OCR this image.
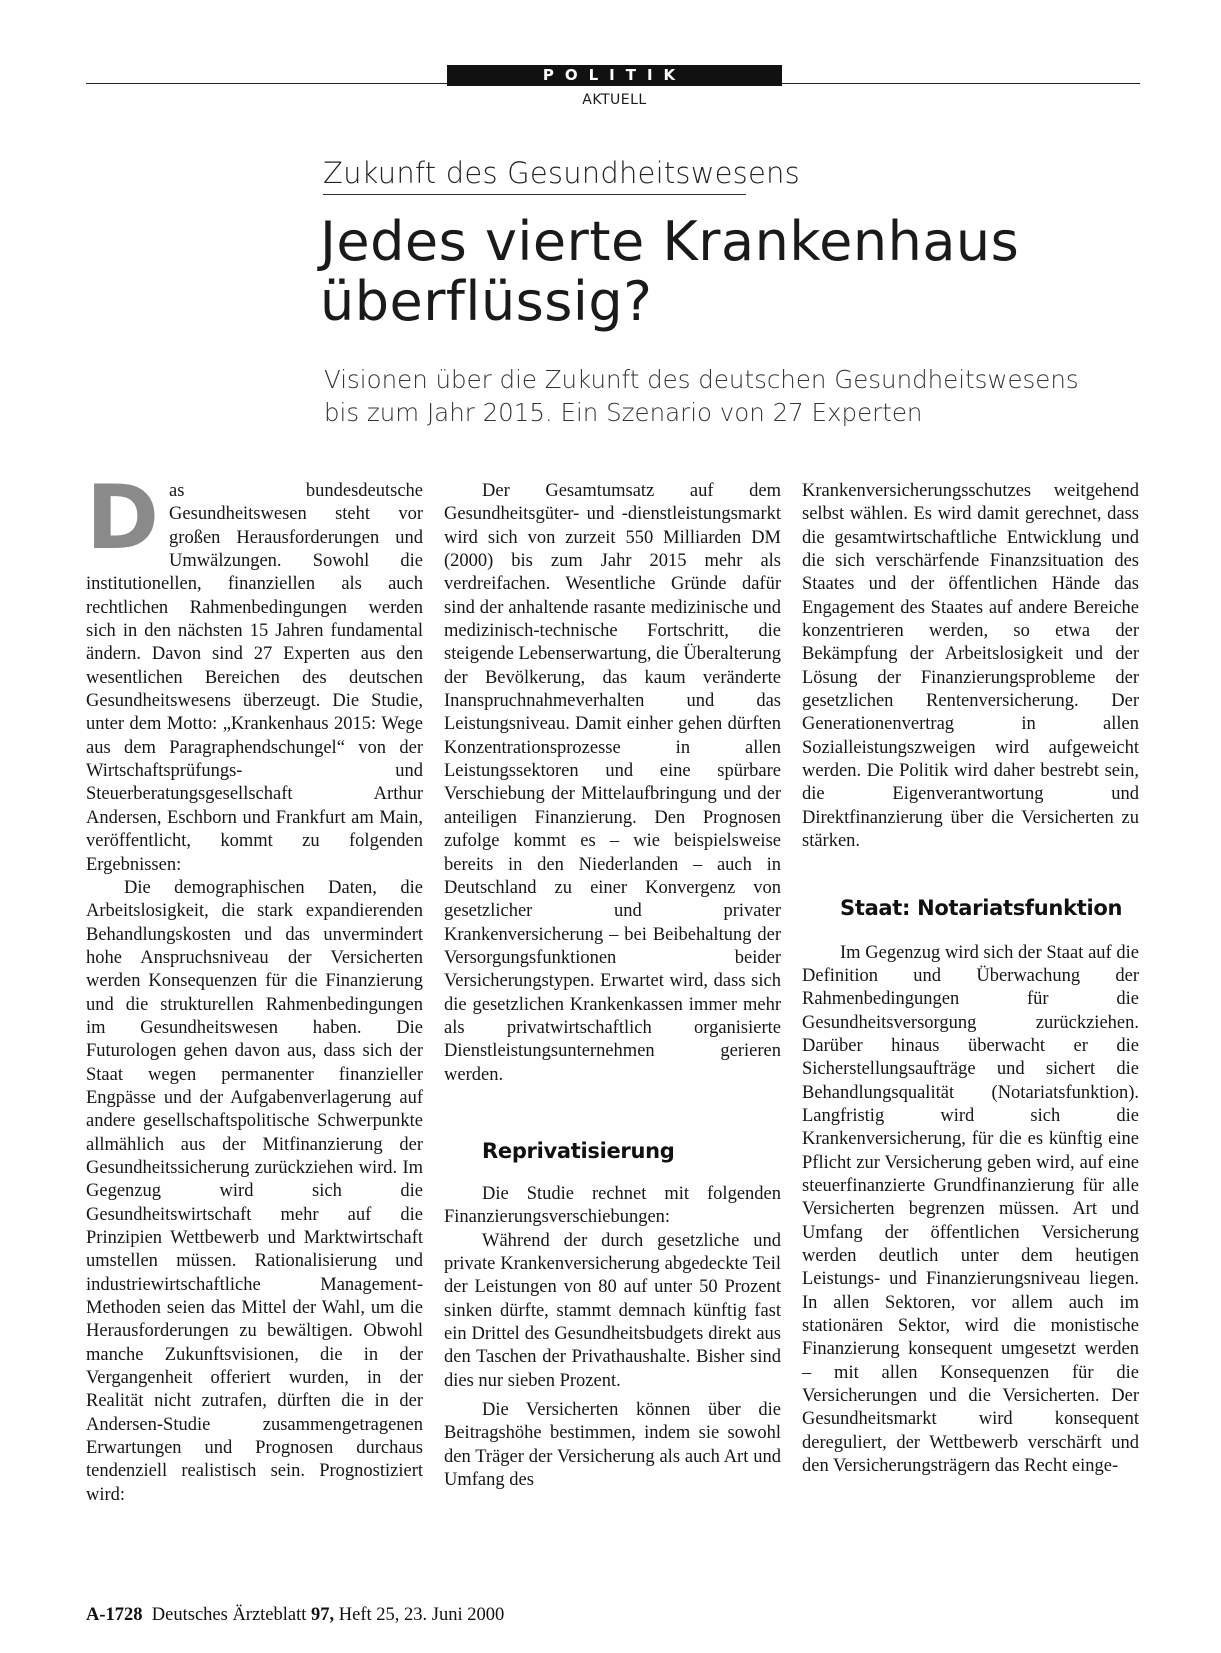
POLITIK
AKTUELL
Zukunft des Gesundheitswesens
Jedes vierte Krankenhaus
überflüssig?
Visionen über die Zukunft des deutschen Gesundheitswesens
bis zum Jahr 2015. Ein Szenario von 27 Experten
D as bundesdeutsche Gesundheitswesen steht vor großen Herausforderungen und Umwälzungen. Sowohl die institutionellen, finanziellen als auch rechtlichen Rahmenbedingungen werden sich in den nächsten 15 Jahren fundamental ändern. Davon sind 27 Experten aus den wesentlichen Bereichen des deutschen Gesundheitswesens überzeugt. Die Studie, unter dem Motto: „Krankenhaus 2015: Wege aus dem Paragraphendschungel“ von der Wirtschaftsprüfungs- und Steuerberatungsgesellschaft Arthur Andersen, Eschborn und Frankfurt am Main, veröffentlicht, kommt zu folgenden Ergebnissen:

Die demographischen Daten, die Arbeitslosigkeit, die stark expandierenden Behandlungskosten und das unvermindert hohe Anspruchsniveau der Versicherten werden Konsequenzen für die Finanzierung und die strukturellen Rahmenbedingungen im Gesundheitswesen haben. Die Futurologen gehen davon aus, dass sich der Staat wegen permanenter finanzieller Engpässe und der Aufgabenverlagerung auf andere gesellschaftspolitische Schwerpunkte allmählich aus der Mitfinanzierung der Gesundheitssicherung zurückziehen wird. Im Gegenzug wird sich die Gesundheitswirtschaft mehr auf die Prinzipien Wettbewerb und Marktwirtschaft umstellen müssen. Rationalisierung und industriewirtschaftliche Management-Methoden seien das Mittel der Wahl, um die Herausforderungen zu bewältigen. Obwohl manche Zukunftsvisionen, die in der Vergangenheit offeriert wurden, in der Realität nicht zutrafen, dürften die in der Andersen-Studie zusammengetragenen Erwartungen und Prognosen durchaus tendenziell realistisch sein. Prognostiziert wird:

Der Gesamtumsatz auf dem Gesundheitsgüter- und -dienstleistungsmarkt wird sich von zurzeit 550 Milliarden DM (2000) bis zum Jahr 2015 mehr als verdreifachen. Wesentliche Gründe dafür sind der anhaltende rasante medizinische und medizinisch-technische Fortschritt, die steigende Lebenserwartung, die Überalterung der Bevölkerung, das kaum veränderte Inanspruchnahmeverhalten und das Leistungsniveau. Damit einher gehen dürften Konzentrationsprozesse in allen Leistungssektoren und eine spürbare Verschiebung der Mittelaufbringung und der anteiligen Finanzierung. Den Prognosen zufolge kommt es – wie beispielsweise bereits in den Niederlanden – auch in Deutschland zu einer Konvergenz von gesetzlicher und privater Krankenversicherung – bei Beibehaltung der Versorgungsfunktionen beider Versicherungstypen. Erwartet wird, dass sich die gesetzlichen Krankenkassen immer mehr als privatwirtschaftlich organisierte Dienstleistungsunternehmen gerieren werden.

Reprivatisierung

Die Studie rechnet mit folgenden Finanzierungsverschiebungen:

Während der durch gesetzliche und private Krankenversicherung abgedeckte Teil der Leistungen von 80 auf unter 50 Prozent sinken dürfte, stammt demnach künftig fast ein Drittel des Gesundheitsbudgets direkt aus den Taschen der Privathaushalte. Bisher sind dies nur sieben Prozent.

Die Versicherten können über die Beitragshöhe bestimmen, indem sie sowohl den Träger der Versicherung als auch Art und Umfang des

Krankenversicherungsschutzes weitgehend selbst wählen. Es wird damit gerechnet, dass die gesamtwirtschaftliche Entwicklung und die sich verschärfende Finanzsituation des Staates und der öffentlichen Hände das Engagement des Staates auf andere Bereiche konzentrieren werden, so etwa der Bekämpfung der Arbeitslosigkeit und der Lösung der Finanzierungsprobleme der gesetzlichen Rentenversicherung. Der Generationenvertrag in allen Sozialleistungszweigen wird aufgeweicht werden. Die Politik wird daher bestrebt sein, die Eigenverantwortung und Direktfinanzierung über die Versicherten zu stärken.

Staat: Notariatsfunktion

Im Gegenzug wird sich der Staat auf die Definition und Überwachung der Rahmenbedingungen für die Gesundheitsversorgung zurückziehen. Darüber hinaus überwacht er die Sicherstellungsaufträge und sichert die Behandlungsqualität (Notariatsfunktion). Langfristig wird sich die Krankenversicherung, für die es künftig eine Pflicht zur Versicherung geben wird, auf eine steuerfinanzierte Grundfinanzierung für alle Versicherten begrenzen müssen. Art und Umfang der öffentlichen Versicherung werden deutlich unter dem heutigen Leistungs- und Finanzierungsniveau liegen. In allen Sektoren, vor allem auch im stationären Sektor, wird die monistische Finanzierung konsequent umgesetzt werden – mit allen Konsequenzen für die Versicherungen und die Versicherten. Der Gesundheitsmarkt wird konsequent dereguliert, der Wettbewerb verschärft und den Versicherungsträgern das Recht einge-

A-1728 Deutsches Ärzteblatt 97, Heft 25, 23. Juni 2000
